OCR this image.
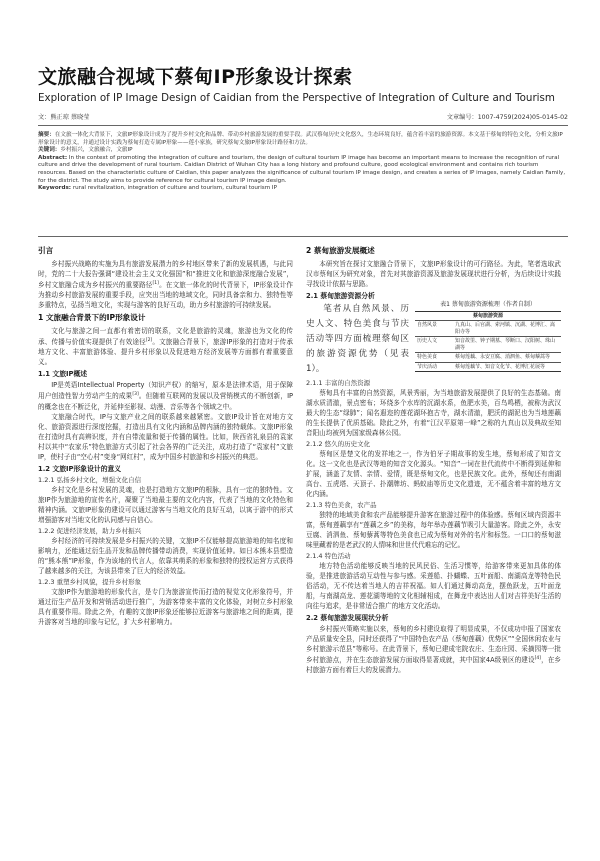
文旅融合视域下蔡甸IP形象设计探索
Exploration of IP Image Design of Caidian from the Perspective of Integration of Culture and Tourism
文：熊正琼 蔡晓莹	文章编号：1007-4759(2024)05-0145-02

摘要：在文旅一体化大背景下，文旅IP形象设计成为了提升乡村文化和品牌、带动乡村旅游发展的重要手段。武汉蔡甸历史文化悠久，生态环境良好，蕴含着丰富的旅游资源。本文基于蔡甸的特色文化，分析文旅IP形象设计的意义，并通过设计实践为蔡甸打造专属IP形象——莲小家族，研究蔡甸文旅IP形象设计路径和方法。

关键词：乡村振兴，文旅融合，文旅IP

Abstract: In the context of promoting the integration of culture and tourism, the design of cultural tourism IP image has become an important means to increase the recognition of rural culture and drive the development of rural tourism. Caidian District of Wuhan City has a long history and profound culture, good ecological environment and contains rich tourism resources. Based on the characteristic culture of Caidian, this paper analyzes the significance of cultural tourism IP image design, and creates a series of IP images, namely Caidian Family, for the district. The study aims to provide reference for cultural tourism IP image design.

Keywords: rural revitalization, integration of culture and tourism, cultural tourism IP

引言

乡村振兴战略的实施为具有旅游发展潜力的乡村地区带来了新的发展机遇，与此同时，党的二十大报告强调“建设社会主义文化强国”和“推进文化和旅游深度融合发展”，乡村文旅融合成为乡村振兴的重要路径[1]。在文旅一体化的时代背景下，IP形象设计作为推动乡村旅游发展的重要手段，应突出当地的地域文化，同时具备亲和力、独特性等多重特点，弘扬当地文化，实现与游客的良好互动，助力乡村旅游的可持续发展。

1 文旅融合背景下的IP形象设计

文化与旅游之间一直都有着密切的联系，文化是旅游的灵魂，旅游也为文化的传承、传播与价值实现提供了有效途径[2]。文旅融合背景下，旅游IP形象的打造对于传承地方文化、丰富旅游体验、提升乡村形象以及促进地方经济发展等方面都有着重要意义。

1.1 文旅IP概述

IP是英语Intellectual Property（知识产权）的缩写，原本是法律术语，用于保障用户创造性智力劳动产生的成果[3]。但随着互联网的发展以及营销模式的不断创新，IP的概念也在不断泛化，并延伸至影视、动漫、音乐等各个领域之中。

文旅融合时代，IP与文旅产业之间的联系越来越紧密。文旅IP设计旨在对地方文化、旅游资源进行深度挖掘，打造出具有文化内涵和品牌内涵的独特载体。文旅IP形象在打造时具有高辨识度，并有自带流量和便于传播的属性。比如，陕西省礼泉县的袁家村以其中“农家乐”特色旅游方式引起了社会各界的广泛关注，成功打造了“袁家村”文旅IP，使村子由“空心村”变身“网红村”，成为中国乡村旅游和乡村振兴的典范。

1.2 文旅IP形象设计的意义
1.2.1 弘扬乡村文化，增强文化自信

乡村文化是乡村发展的灵魂，也是打造地方文旅IP的根脉，具有一定的独特性。文旅IP作为旅游地的宣传名片，凝聚了当地最主要的文化内容，代表了当地的文化特色和精神内涵。文旅IP形象的建设可以通过游客与当地文化的良好互动，以寓于游中的形式增强游客对当地文化的认同感与自信心。

1.2.2 促进经济发展，助力乡村振兴

乡村经济的可持续发展是乡村振兴的关键，文旅IP不仅能够提高旅游地的知名度和影响力，还能通过衍生品开发和品牌传播带动消费，实现价值延伸。如日本熊本县塑造的“熊本熊”IP形象，作为该地的代言人，依靠其萌系的形象和独特的授权运营方式获得了越来越多的关注，为该县带来了巨大的经济效益。

1.2.3 重塑乡村风貌，提升乡村形象

文旅IP作为旅游地的形象代言，是专门为旅游宣传而打造的视觉文化形象符号，并通过衍生产品开发和营销活动进行推广，为游客带来丰富的文化体验，对树立乡村形象具有重要作用。除此之外，有趣的文旅IP形象还能够拉近游客与旅游地之间的距离，提升游客对当地的印象与记忆，扩大乡村影响力。

2 蔡甸旅游发展概述

本研究旨在探讨文旅融合背景下，文旅IP形象设计的可行路径。为此，笔者选取武汉市蔡甸区为研究对象，首先对其旅游资源及旅游发展现状进行分析，为后续设计实践寻找设计依据与思路。

2.1 蔡甸旅游资源分析
表1 蔡甸旅游资源梳理（作者自制）
蔡甸旅游资源	
自然风景	九真山、后官湖、索河镇、沉湖、花博汇、嵩阳寺等
历史人文	知音故里、钟子期墓、琴断口、汉阳树、珠山湖等
特色美食	蔡甸莲藕、永安豆腐、消泗鱼、蔡甸藜蒿等
节庆活动	蔡甸莲藕节、知音文化节、花博汇花展等

笔者从自然风景、历史人文、特色美食与节庆活动等四方面梳理蔡甸区的旅游资源优势（见表1）。

2.1.1 丰富的自然资源

蔡甸具有丰富的自然资源，风景秀丽，为当地旅游发展提供了良好的生态基础。南湖水质清澈，景点密布；环绕多个水库的沉湖水系，鱼肥水美，百鸟鸣栖，被称为武汉最大的生态“绿肺”；闻名遐迩的莲花湖环抱古寺，湖水清澈，肥沃的湖泥也为当地莲藕的生长提供了优质基础。除此之外，有着“江汉平原第一峰”之称的九真山以及典故至知音阳山均被列为国家级森林公园。

2.1.2 悠久的历史文化

蔡甸区是楚文化的发祥地之一，作为伯牙子期故事的发生地，蔡甸形成了知音文化。这一文化也是武汉等地的知音文化源头。“知音”一词在世代流传中不断得到延伸和扩展，涵盖了友情、亲情、爱情，既是蔡甸文化，也是民族文化。此外，蔡甸还有南湖高台、五虎塔、天顶子、扑潮牌坊、蚂蚁庙等历史文化遗迹，无不蕴含着丰富的地方文化内涵。

2.1.3 特色美食，农产品

独特的地域美食和农产品能够提升游客在旅游过程中的体验感。蔡甸区域内资源丰富，蔡甸莲藕享有“莲藕之乡”的美称，每年举办莲藕节吸引大量游客。除此之外，永安豆腐、消泗鱼、蔡甸藜蒿等特色美食也已成为蔡甸对外的名片和标签。一口口的蔡甸滋味里藏着的是老武汉的人情味和世世代代难忘的记忆。

2.1.4 特色活动

地方特色活动能够反映当地的民风民俗、生活习惯等，给游客带来更加具体的体验，是推进旅游活动互动性与参与感。采莲船、扑蝴蝶、五叶面船、南湖高龙等特色民俗活动，无不传达着当地人的吉祥祝福。如人们通过舞动高龙，摆鱼跃龙，五叶面龙船，与南湖高龙、莲花湖等地的文化相辅相成，在舞龙中表达出人们对吉祥美好生活的向往与追求，是非常适合推广的地方文化活动。

2.2 蔡甸旅游发展现状分析

乡村振兴策略实施以来，蔡甸的乡村建设取得了明显成果，不仅成功申报了国家农产品质量安全县，同时还获得了“中国特色农产品（蔡甸莲藕）优势区”“全国休闲农业与乡村旅游示范县”等称号。在此背景下，蔡甸已建成宅院农庄、生态庄园、采摘园等一批乡村旅游点，并在生态旅游发展方面取得显著成就，其中国家4A级景区的建设[4]，在乡村旅游方面有着巨大的发展潜力。
